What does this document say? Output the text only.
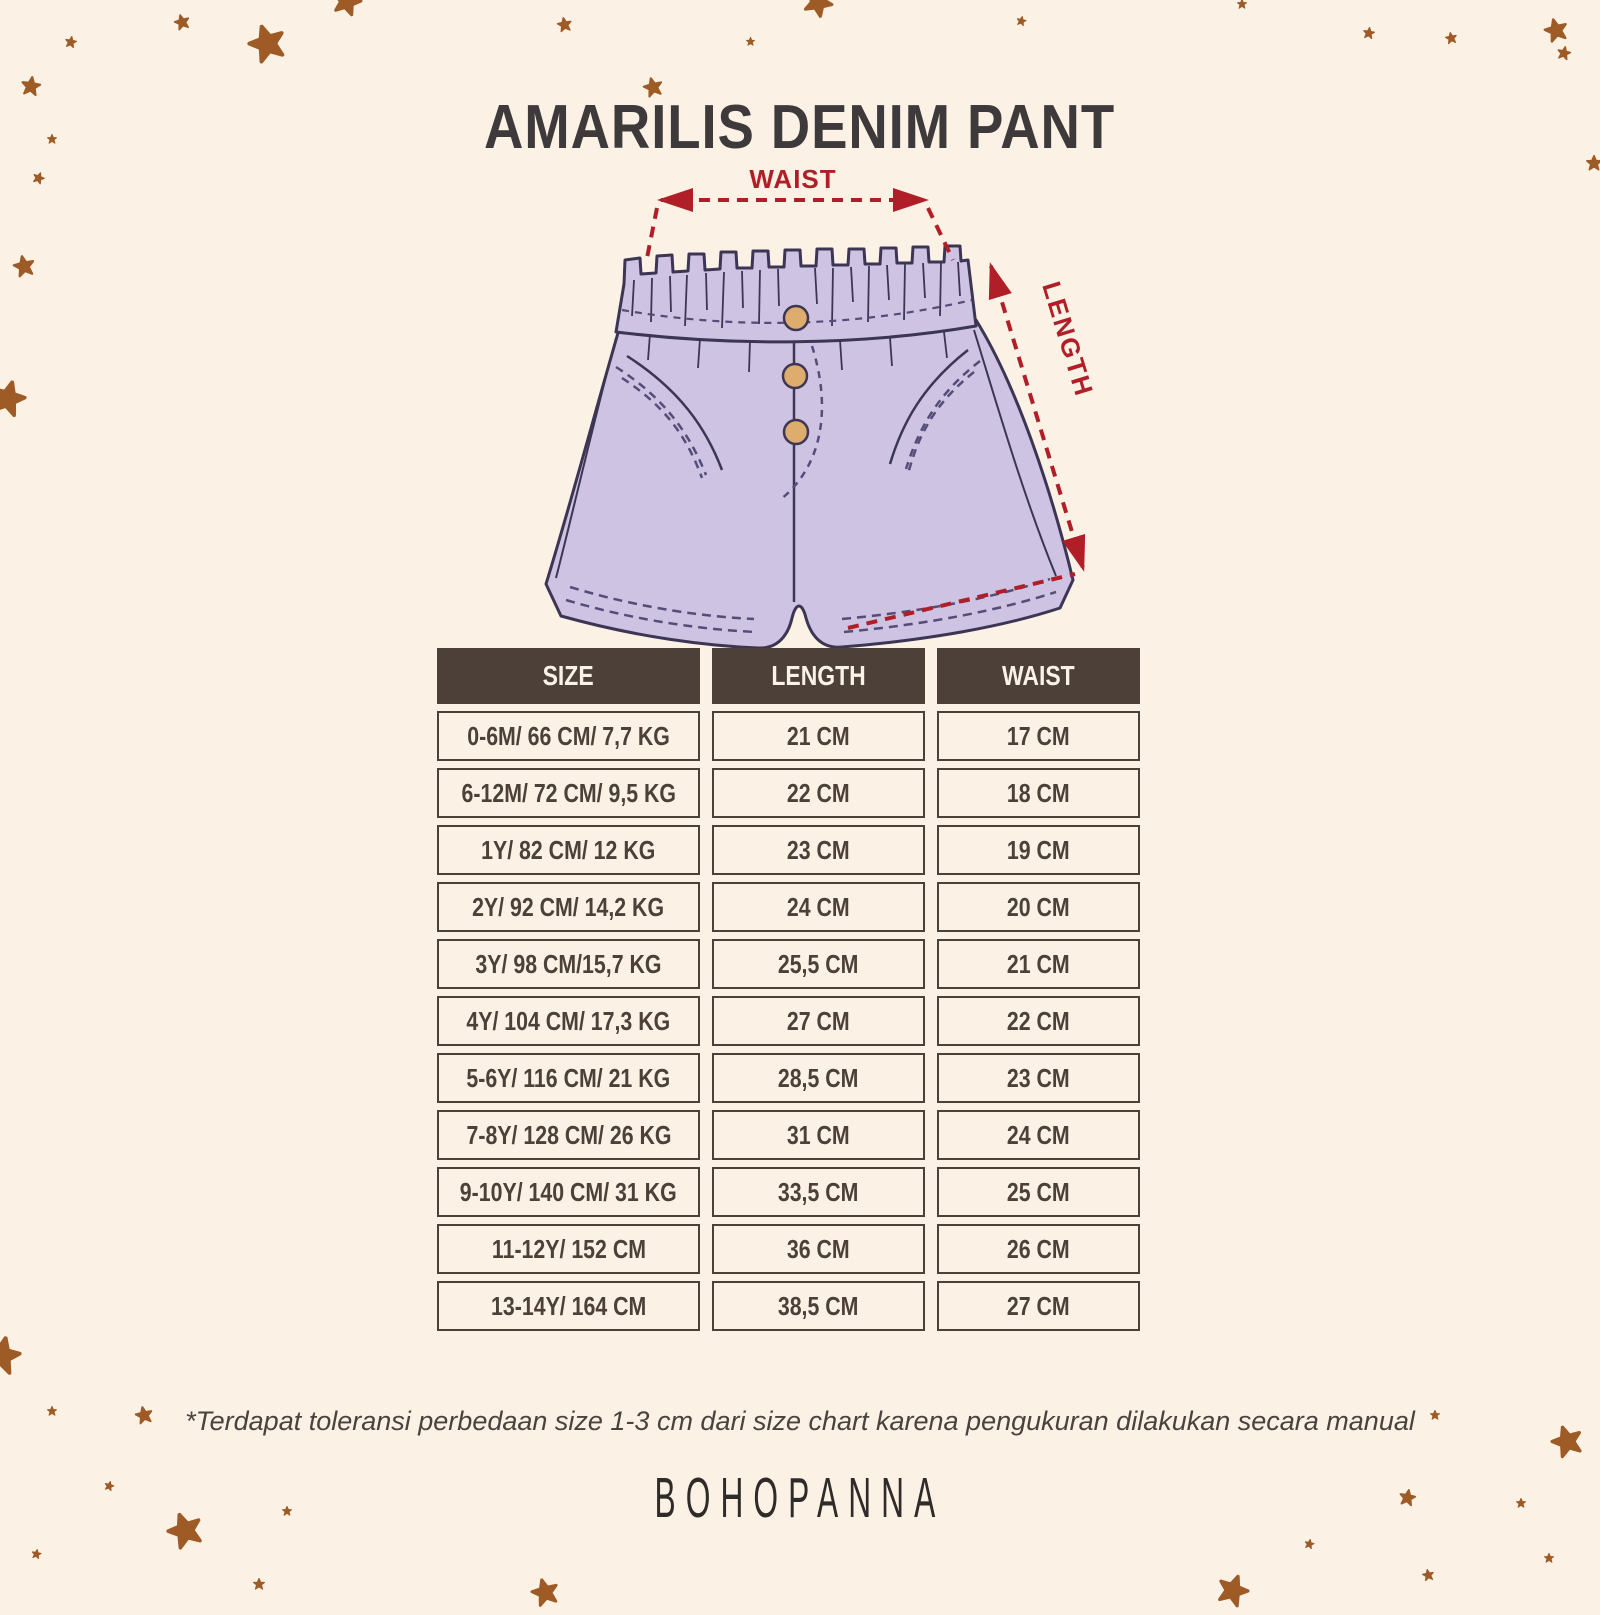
AMARILIS DENIM PANT
WAIST
LENGTH
SIZE	LENGTH	WAIST
0-6M/ 66 CM/ 7,7 KG	21 CM	17 CM
6-12M/ 72 CM/ 9,5 KG	22 CM	18 CM
1Y/ 82 CM/ 12 KG	23 CM	19 CM
2Y/ 92 CM/ 14,2 KG	24 CM	20 CM
3Y/ 98 CM/15,7 KG	25,5 CM	21 CM
4Y/ 104 CM/ 17,3 KG	27 CM	22 CM
5-6Y/ 116 CM/ 21 KG	28,5 CM	23 CM
7-8Y/ 128 CM/ 26 KG	31 CM	24 CM
9-10Y/ 140 CM/ 31 KG	33,5 CM	25 CM
11-12Y/ 152 CM	36 CM	26 CM
13-14Y/ 164 CM	38,5 CM	27 CM
*Terdapat toleransi perbedaan size 1-3 cm dari size chart karena pengukuran dilakukan secara manual
BOHOPANNA
